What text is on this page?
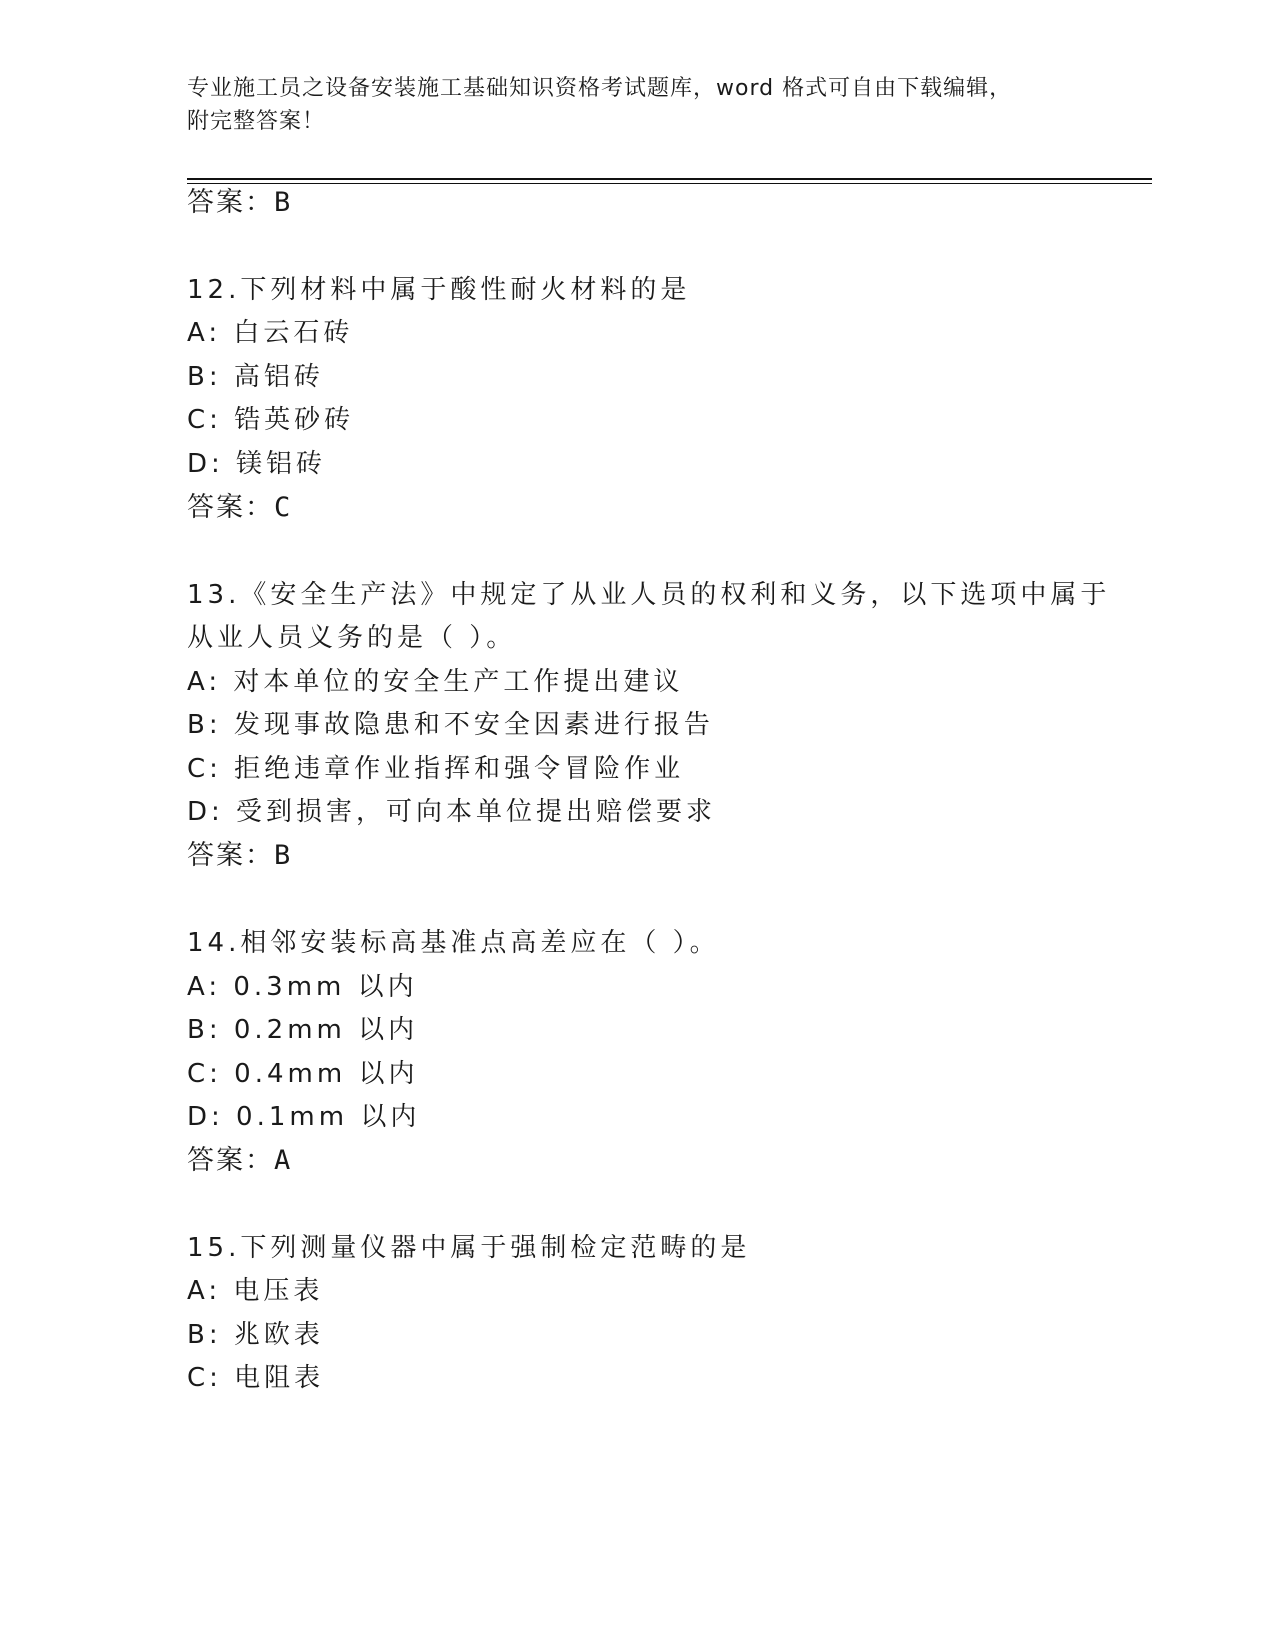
专业施工员之设备安装施工基础知识资格考试题库，word 格式可自由下载编辑，
附完整答案！
答案：B
12.下列材料中属于酸性耐火材料的是
A: 白云石砖
B: 高铝砖
C: 锆英砂砖
D: 镁铝砖
答案：C
13.《安全生产法》中规定了从业人员的权利和义务，以下选项中属于
从业人员义务的是（ ）。
A: 对本单位的安全生产工作提出建议
B: 发现事故隐患和不安全因素进行报告
C: 拒绝违章作业指挥和强令冒险作业
D: 受到损害，可向本单位提出赔偿要求
答案：B
14.相邻安装标高基准点高差应在（ ）。
A: 0.3mm 以内
B: 0.2mm 以内
C: 0.4mm 以内
D: 0.1mm 以内
答案：A
15.下列测量仪器中属于强制检定范畴的是
A: 电压表
B: 兆欧表
C: 电阻表
